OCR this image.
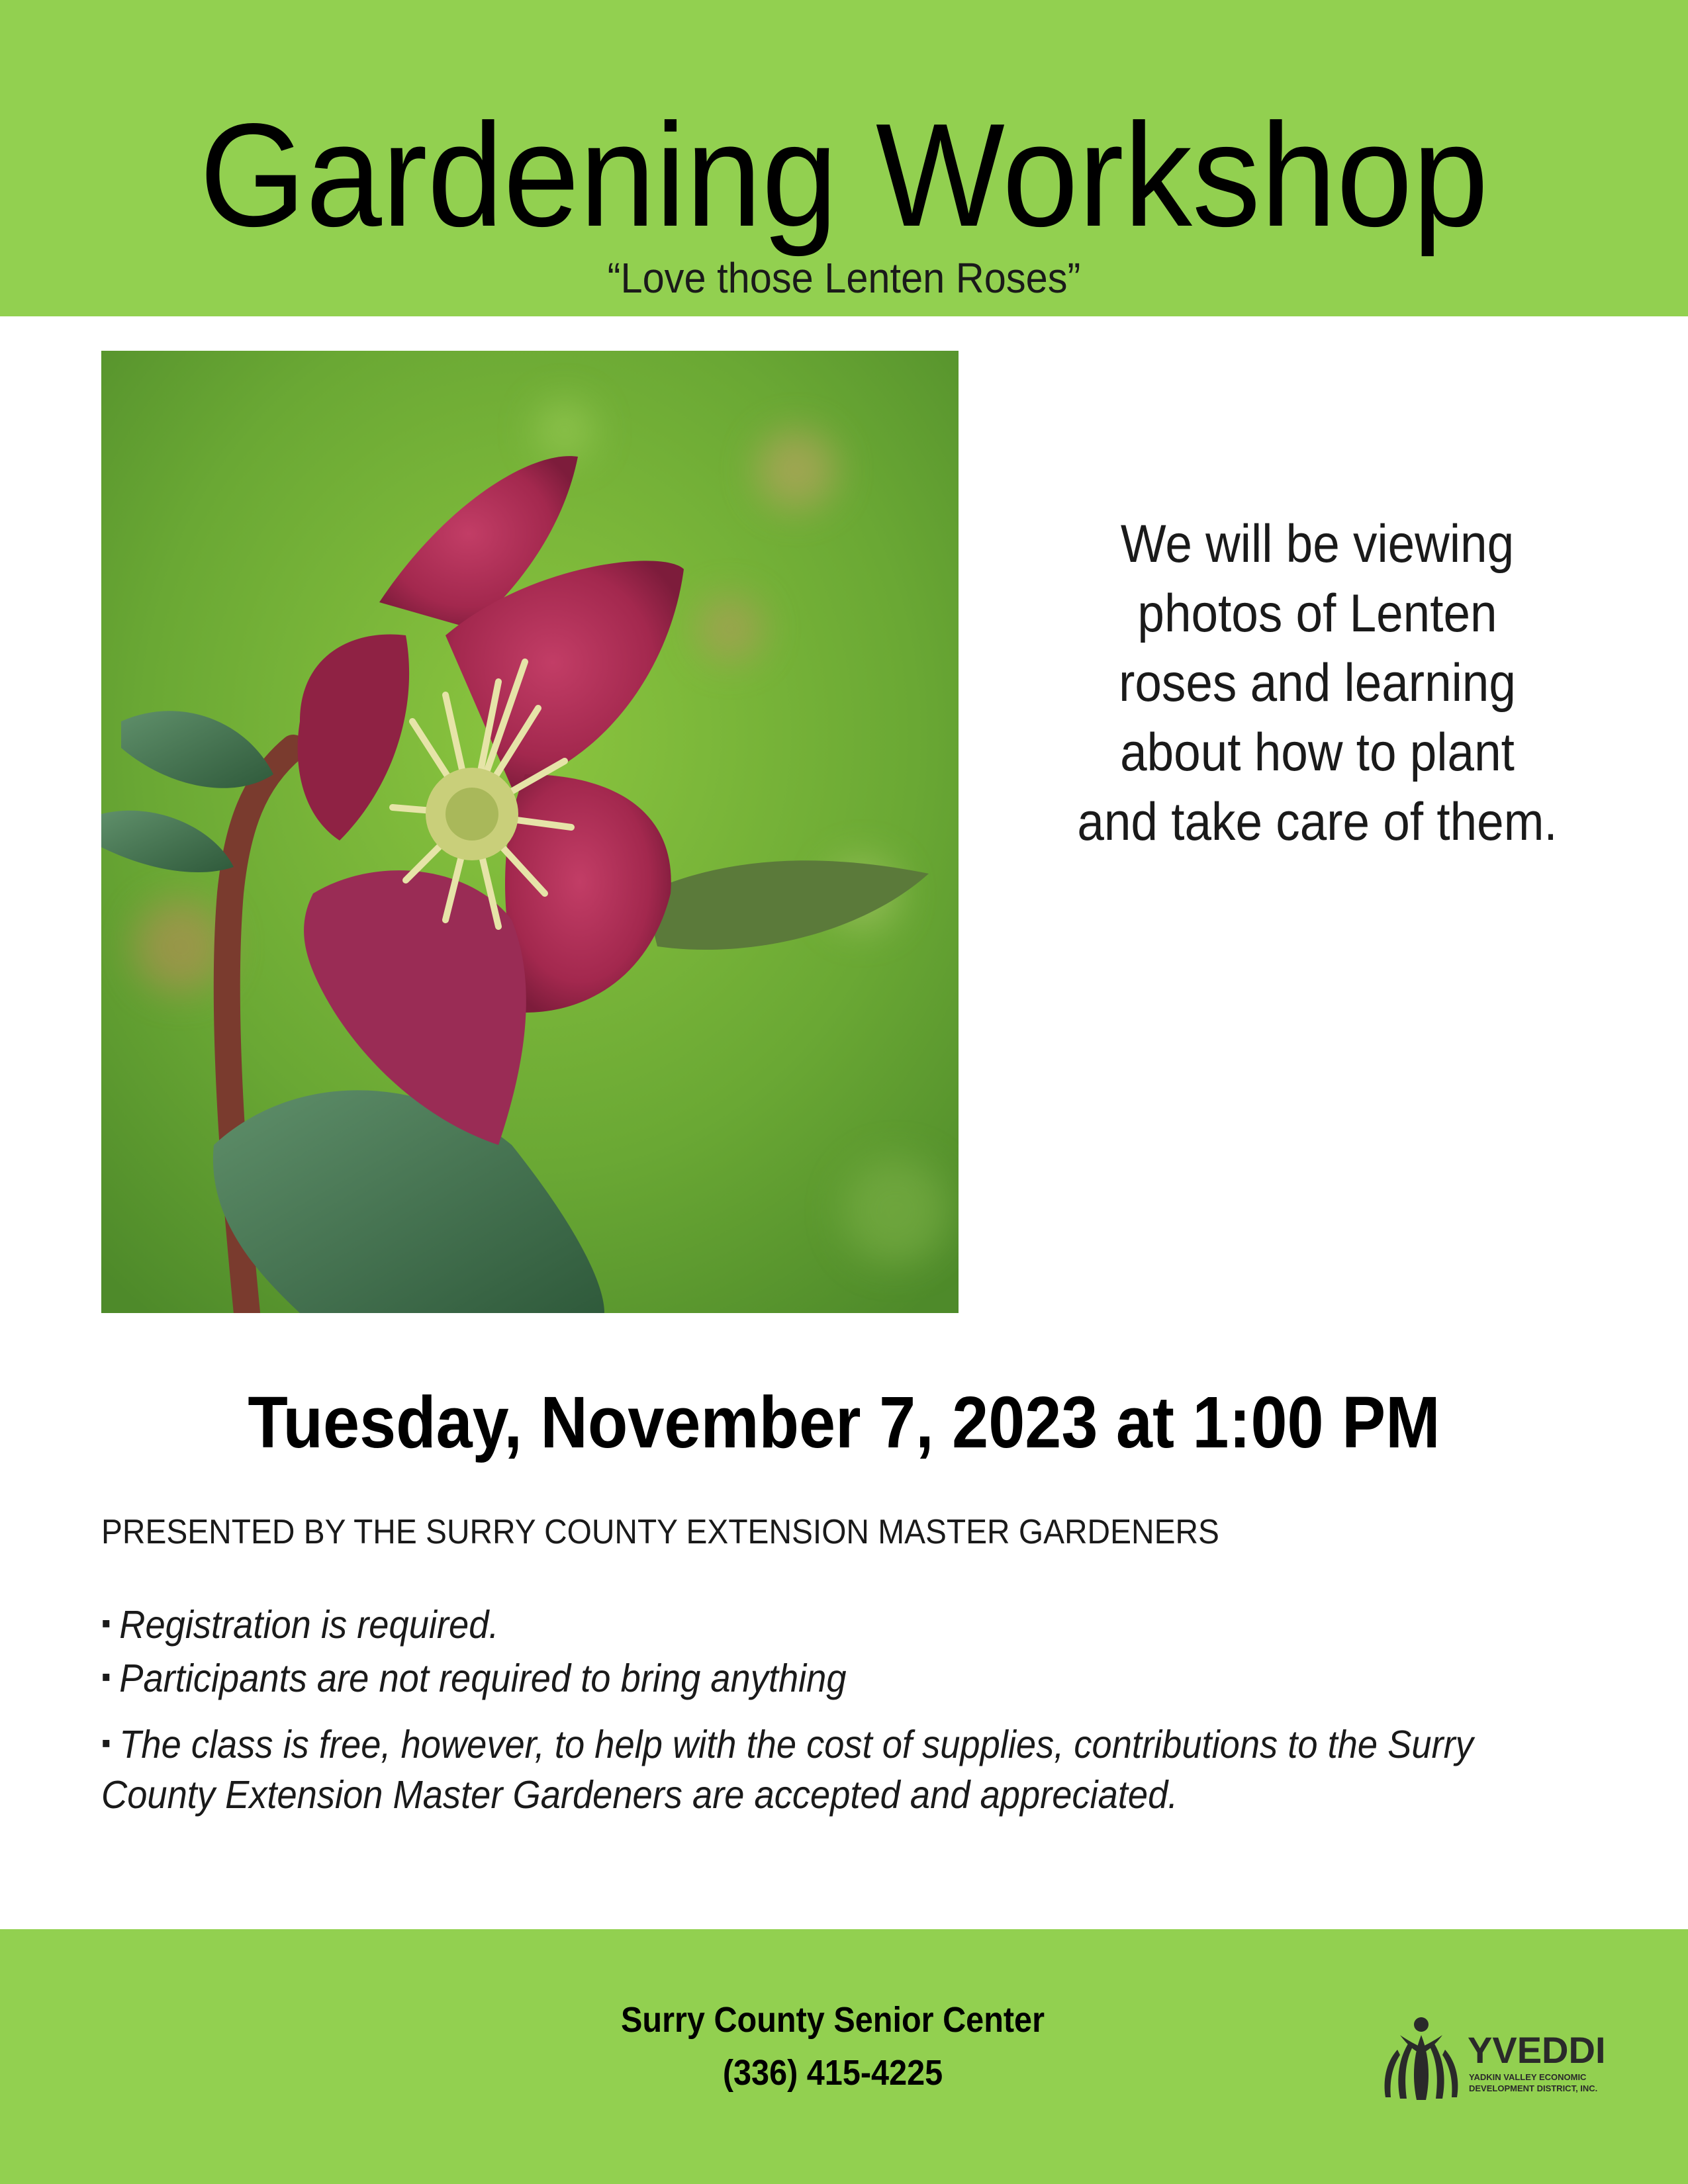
Gardening Workshop
“Love those Lenten Roses”
We will be viewing
photos of Lenten
roses and learning
about how to plant
and take care of them.
Tuesday, November 7, 2023 at 1:00 PM
PRESENTED BY THE SURRY COUNTY EXTENSION MASTER GARDENERS
▪ Registration is required.
▪ Participants are not required to bring anything
▪ The class is free, however, to help with the cost of supplies, contributions to the Surry County Extension Master Gardeners are accepted and appreciated.
Surry County Senior Center
(336) 415-4225
YVEDDI
YADKIN VALLEY ECONOMIC
DEVELOPMENT DISTRICT, INC.
